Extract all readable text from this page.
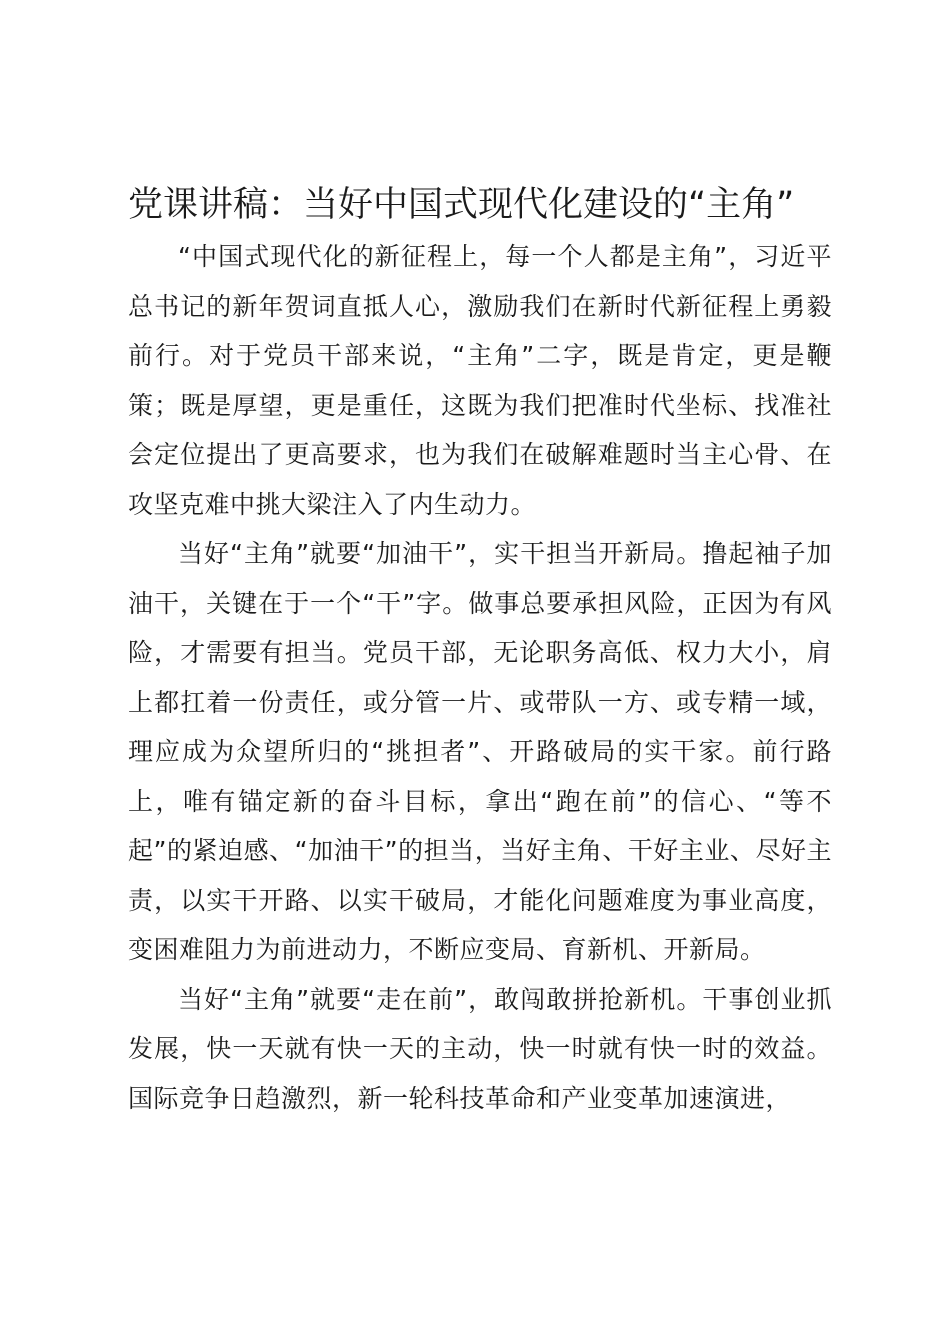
党课讲稿：当好中国式现代化建设的“主角”

“中国式现代化的新征程上，每一个人都是主角”，习近平总书记的新年贺词直抵人心，激励我们在新时代新征程上勇毅前行。对于党员干部来说，“主角”二字，既是肯定，更是鞭策；既是厚望，更是重任，这既为我们把准时代坐标、找准社会定位提出了更高要求，也为我们在破解难题时当主心骨、在攻坚克难中挑大梁注入了内生动力。

当好“主角”就要“加油干”，实干担当开新局。撸起袖子加油干，关键在于一个“干”字。做事总要承担风险，正因为有风险，才需要有担当。党员干部，无论职务高低、权力大小，肩上都扛着一份责任，或分管一片、或带队一方、或专精一域，理应成为众望所归的“挑担者”、开路破局的实干家。前行路上，唯有锚定新的奋斗目标，拿出“跑在前”的信心、“等不起”的紧迫感、“加油干”的担当，当好主角、干好主业、尽好主责，以实干开路、以实干破局，才能化问题难度为事业高度，变困难阻力为前进动力，不断应变局、育新机、开新局。

当好“主角”就要“走在前”，敢闯敢拼抢新机。干事创业抓发展，快一天就有快一天的主动，快一时就有快一时的效益。国际竞争日趋激烈，新一轮科技革命和产业变革加速演进，
